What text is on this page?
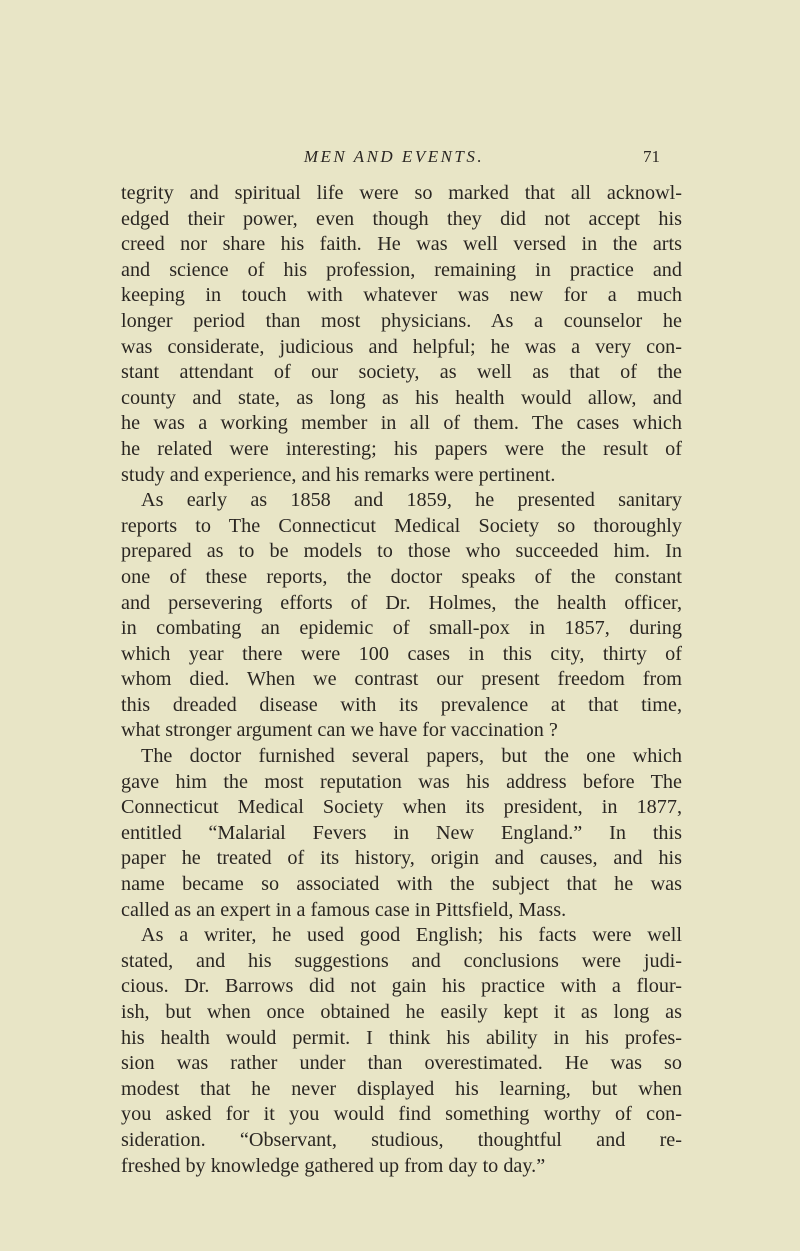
MEN AND EVENTS.	71
tegrity and spiritual life were so marked that all acknowl-
edged their power, even though they did not accept his
creed nor share his faith. He was well versed in the arts
and science of his profession, remaining in practice and
keeping in touch with whatever was new for a much
longer period than most physicians. As a counselor he
was considerate, judicious and helpful; he was a very con-
stant attendant of our society, as well as that of the
county and state, as long as his health would allow, and
he was a working member in all of them. The cases which
he related were interesting; his papers were the result of
study and experience, and his remarks were pertinent.
As early as 1858 and 1859, he presented sanitary
reports to The Connecticut Medical Society so thoroughly
prepared as to be models to those who succeeded him. In
one of these reports, the doctor speaks of the constant
and persevering efforts of Dr. Holmes, the health officer,
in combating an epidemic of small-pox in 1857, during
which year there were 100 cases in this city, thirty of
whom died. When we contrast our present freedom from
this dreaded disease with its prevalence at that time,
what stronger argument can we have for vaccination ?
The doctor furnished several papers, but the one which
gave him the most reputation was his address before The
Connecticut Medical Society when its president, in 1877,
entitled “Malarial Fevers in New England.” In this
paper he treated of its history, origin and causes, and his
name became so associated with the subject that he was
called as an expert in a famous case in Pittsfield, Mass.
As a writer, he used good English; his facts were well
stated, and his suggestions and conclusions were judi-
cious. Dr. Barrows did not gain his practice with a flour-
ish, but when once obtained he easily kept it as long as
his health would permit. I think his ability in his profes-
sion was rather under than overestimated. He was so
modest that he never displayed his learning, but when
you asked for it you would find something worthy of con-
sideration. “Observant, studious, thoughtful and re-
freshed by knowledge gathered up from day to day.”
